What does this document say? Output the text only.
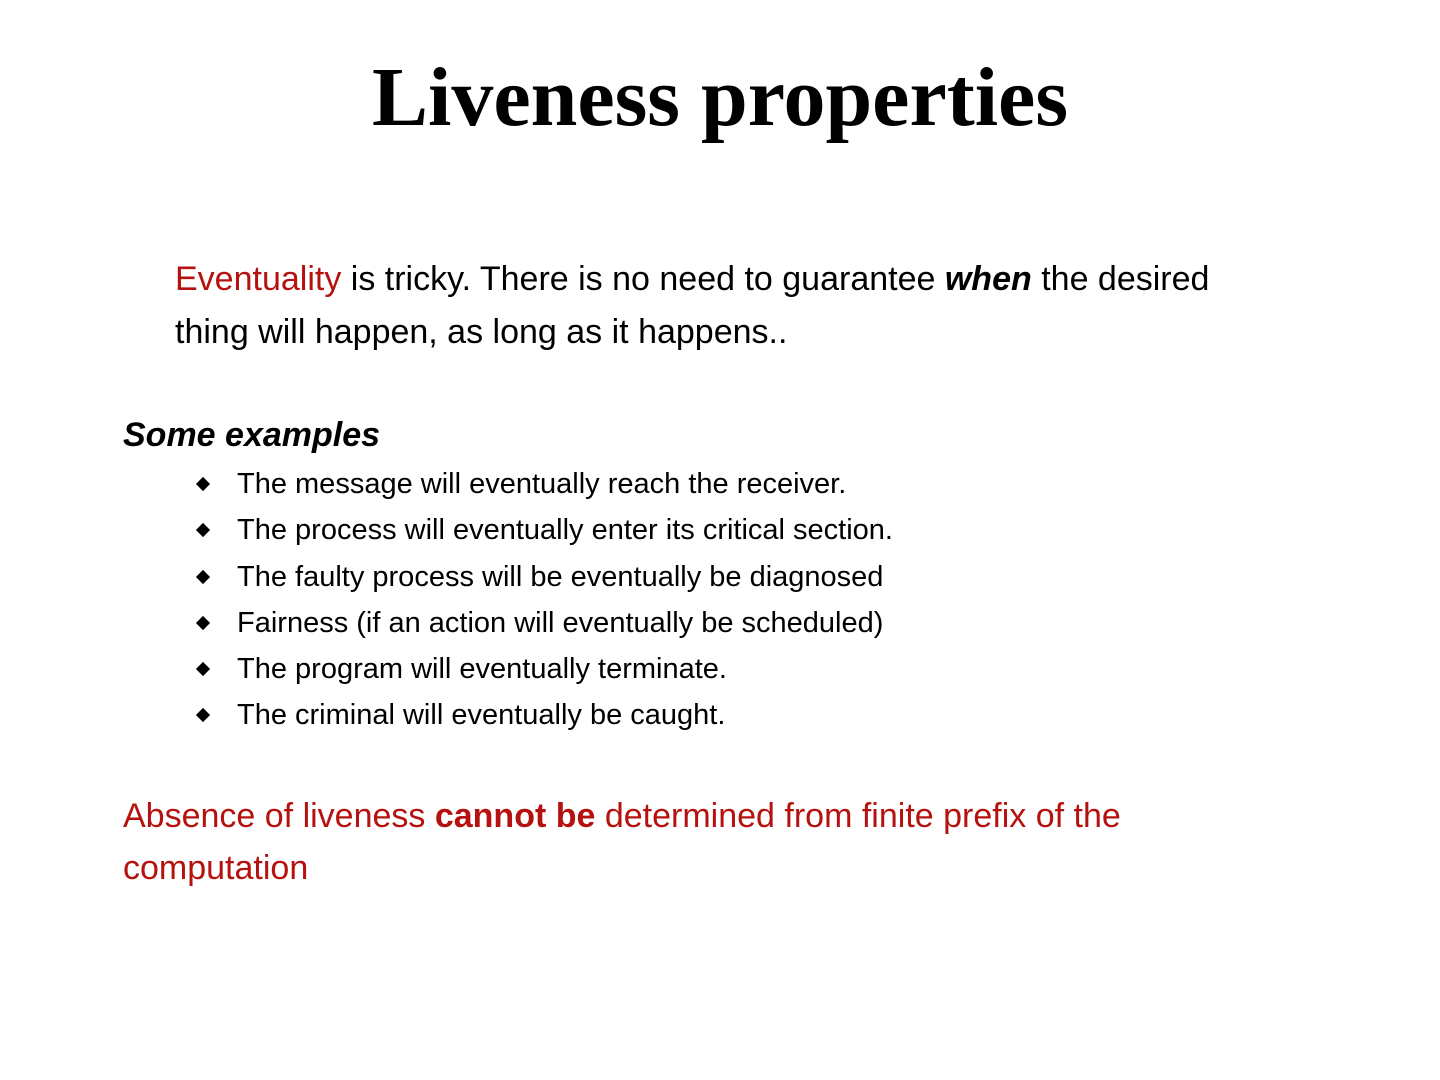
Liveness properties

Eventuality is tricky. There is no need to guarantee when the desired thing will happen, as long as it happens..

Some examples

The message will eventually reach the receiver.
The process will eventually enter its critical section.
The faulty process will be eventually be diagnosed
Fairness (if an action will eventually be scheduled)
The program will eventually terminate.
The criminal will eventually be caught.

Absence of liveness cannot be determined from finite prefix of the computation
